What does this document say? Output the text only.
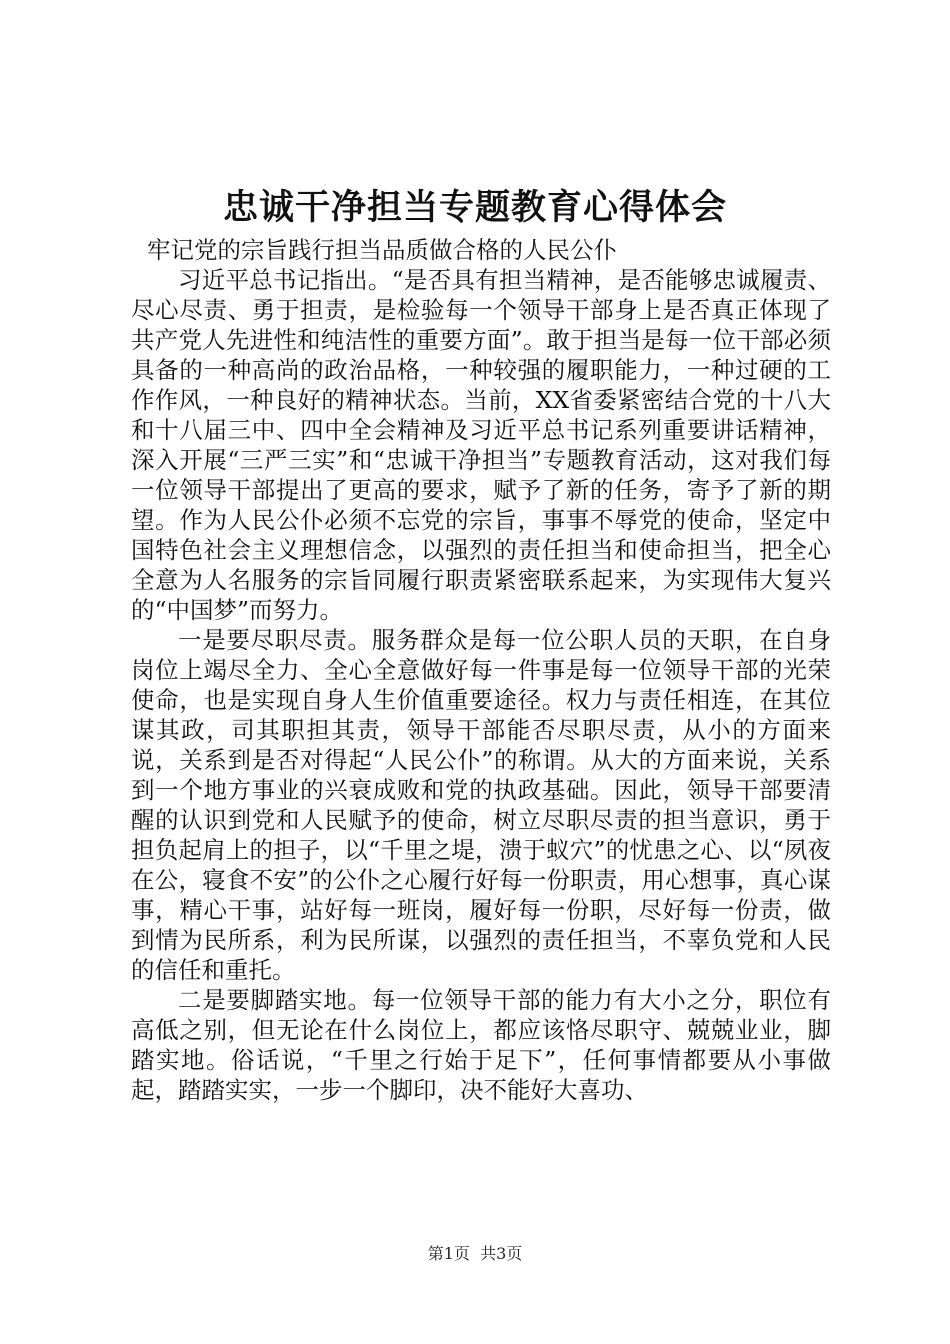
忠诚干净担当专题教育心得体会

牢记党的宗旨践行担当品质做合格的人民公仆

习近平总书记指出。“是否具有担当精神，是否能够忠诚履责、尽心尽责、勇于担责，是检验每一个领导干部身上是否真正体现了共产党人先进性和纯洁性的重要方面”。敢于担当是每一位干部必须具备的一种高尚的政治品格，一种较强的履职能力，一种过硬的工作作风，一种良好的精神状态。当前，XX省委紧密结合党的十八大和十八届三中、四中全会精神及习近平总书记系列重要讲话精神，深入开展“三严三实”和“忠诚干净担当”专题教育活动，这对我们每一位领导干部提出了更高的要求，赋予了新的任务，寄予了新的期望。作为人民公仆必须不忘党的宗旨，事事不辱党的使命，坚定中国特色社会主义理想信念，以强烈的责任担当和使命担当，把全心全意为人名服务的宗旨同履行职责紧密联系起来，为实现伟大复兴的“中国梦”而努力。

一是要尽职尽责。服务群众是每一位公职人员的天职，在自身岗位上竭尽全力、全心全意做好每一件事是每一位领导干部的光荣使命，也是实现自身人生价值重要途径。权力与责任相连，在其位谋其政，司其职担其责，领导干部能否尽职尽责，从小的方面来说，关系到是否对得起“人民公仆”的称谓。从大的方面来说，关系到一个地方事业的兴衰成败和党的执政基础。因此，领导干部要清醒的认识到党和人民赋予的使命，树立尽职尽责的担当意识，勇于担负起肩上的担子，以“千里之堤，溃于蚁穴”的忧患之心、以“夙夜在公，寝食不安”的公仆之心履行好每一份职责，用心想事，真心谋事，精心干事，站好每一班岗，履好每一份职，尽好每一份责，做到情为民所系，利为民所谋，以强烈的责任担当，不辜负党和人民的信任和重托。

二是要脚踏实地。每一位领导干部的能力有大小之分，职位有高低之别，但无论在什么岗位上，都应该恪尽职守、兢兢业业，脚踏实地。俗话说，“千里之行始于足下”，任何事情都要从小事做起，踏踏实实，一步一个脚印，决不能好大喜功、

第1页  共3页
